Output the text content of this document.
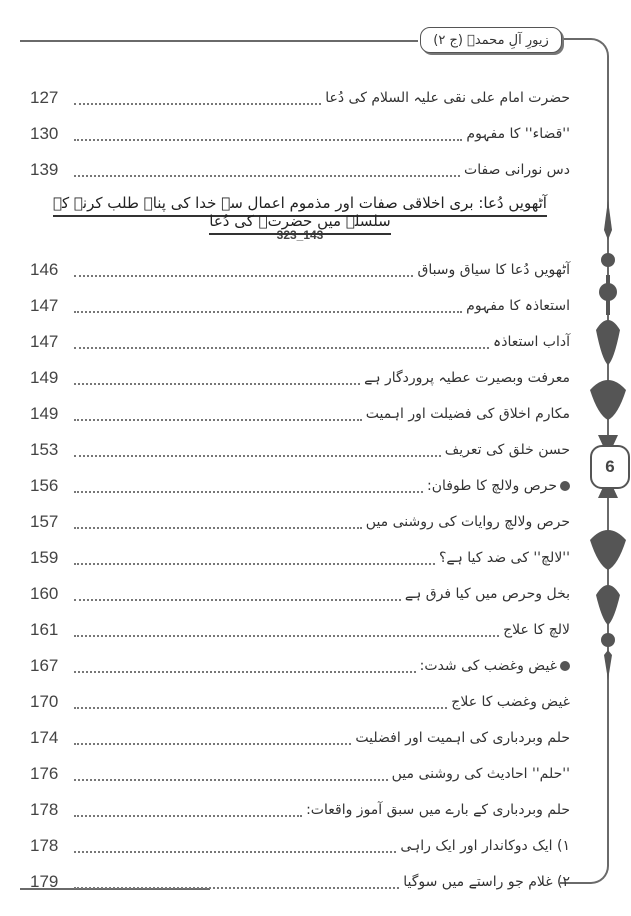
زیورِ آلِ محمدؐ (ج ۲)
6
127	حضرت امام علی نقی علیہ السلام کی دُعا
130	''قضاء'' کا مفہوم
139	دس نورانی صفات
آٹھویں دُعا: بری اخلاقی صفات اور مذموم اعمال سے خدا کی پناہ طلب کرنے کے سلسلہ میں حضرتؑ کی دُعا
323_143
146	آٹھویں دُعا کا سیاق وسباق
147	استعاذہ کا مفہوم
147	آداب استعاذہ
149	معرفت وبصیرت عطیہ پروردگار ہے
149	مکارم اخلاق کی فضیلت اور اہمیت
153	حسن خلق کی تعریف
156	حرص ولالچ کا طوفان:
157	حرص ولالچ روایات کی روشنی میں
159	''لالچ'' کی ضد کیا ہے؟
160	بخل وحرص میں کیا فرق ہے
161	لالچ کا علاج
167	غیض وغضب کی شدت:
170	غیض وغضب کا علاج
174	حلم وبردباری کی اہمیت اور افضلیت
176	''حلم'' احادیث کی روشنی میں
178	حلم وبردباری کے بارے میں سبق آموز واقعات:
178	۱) ایک دوکاندار اور ایک راہی
179	۲) غلام جو راستے میں سوگیا
